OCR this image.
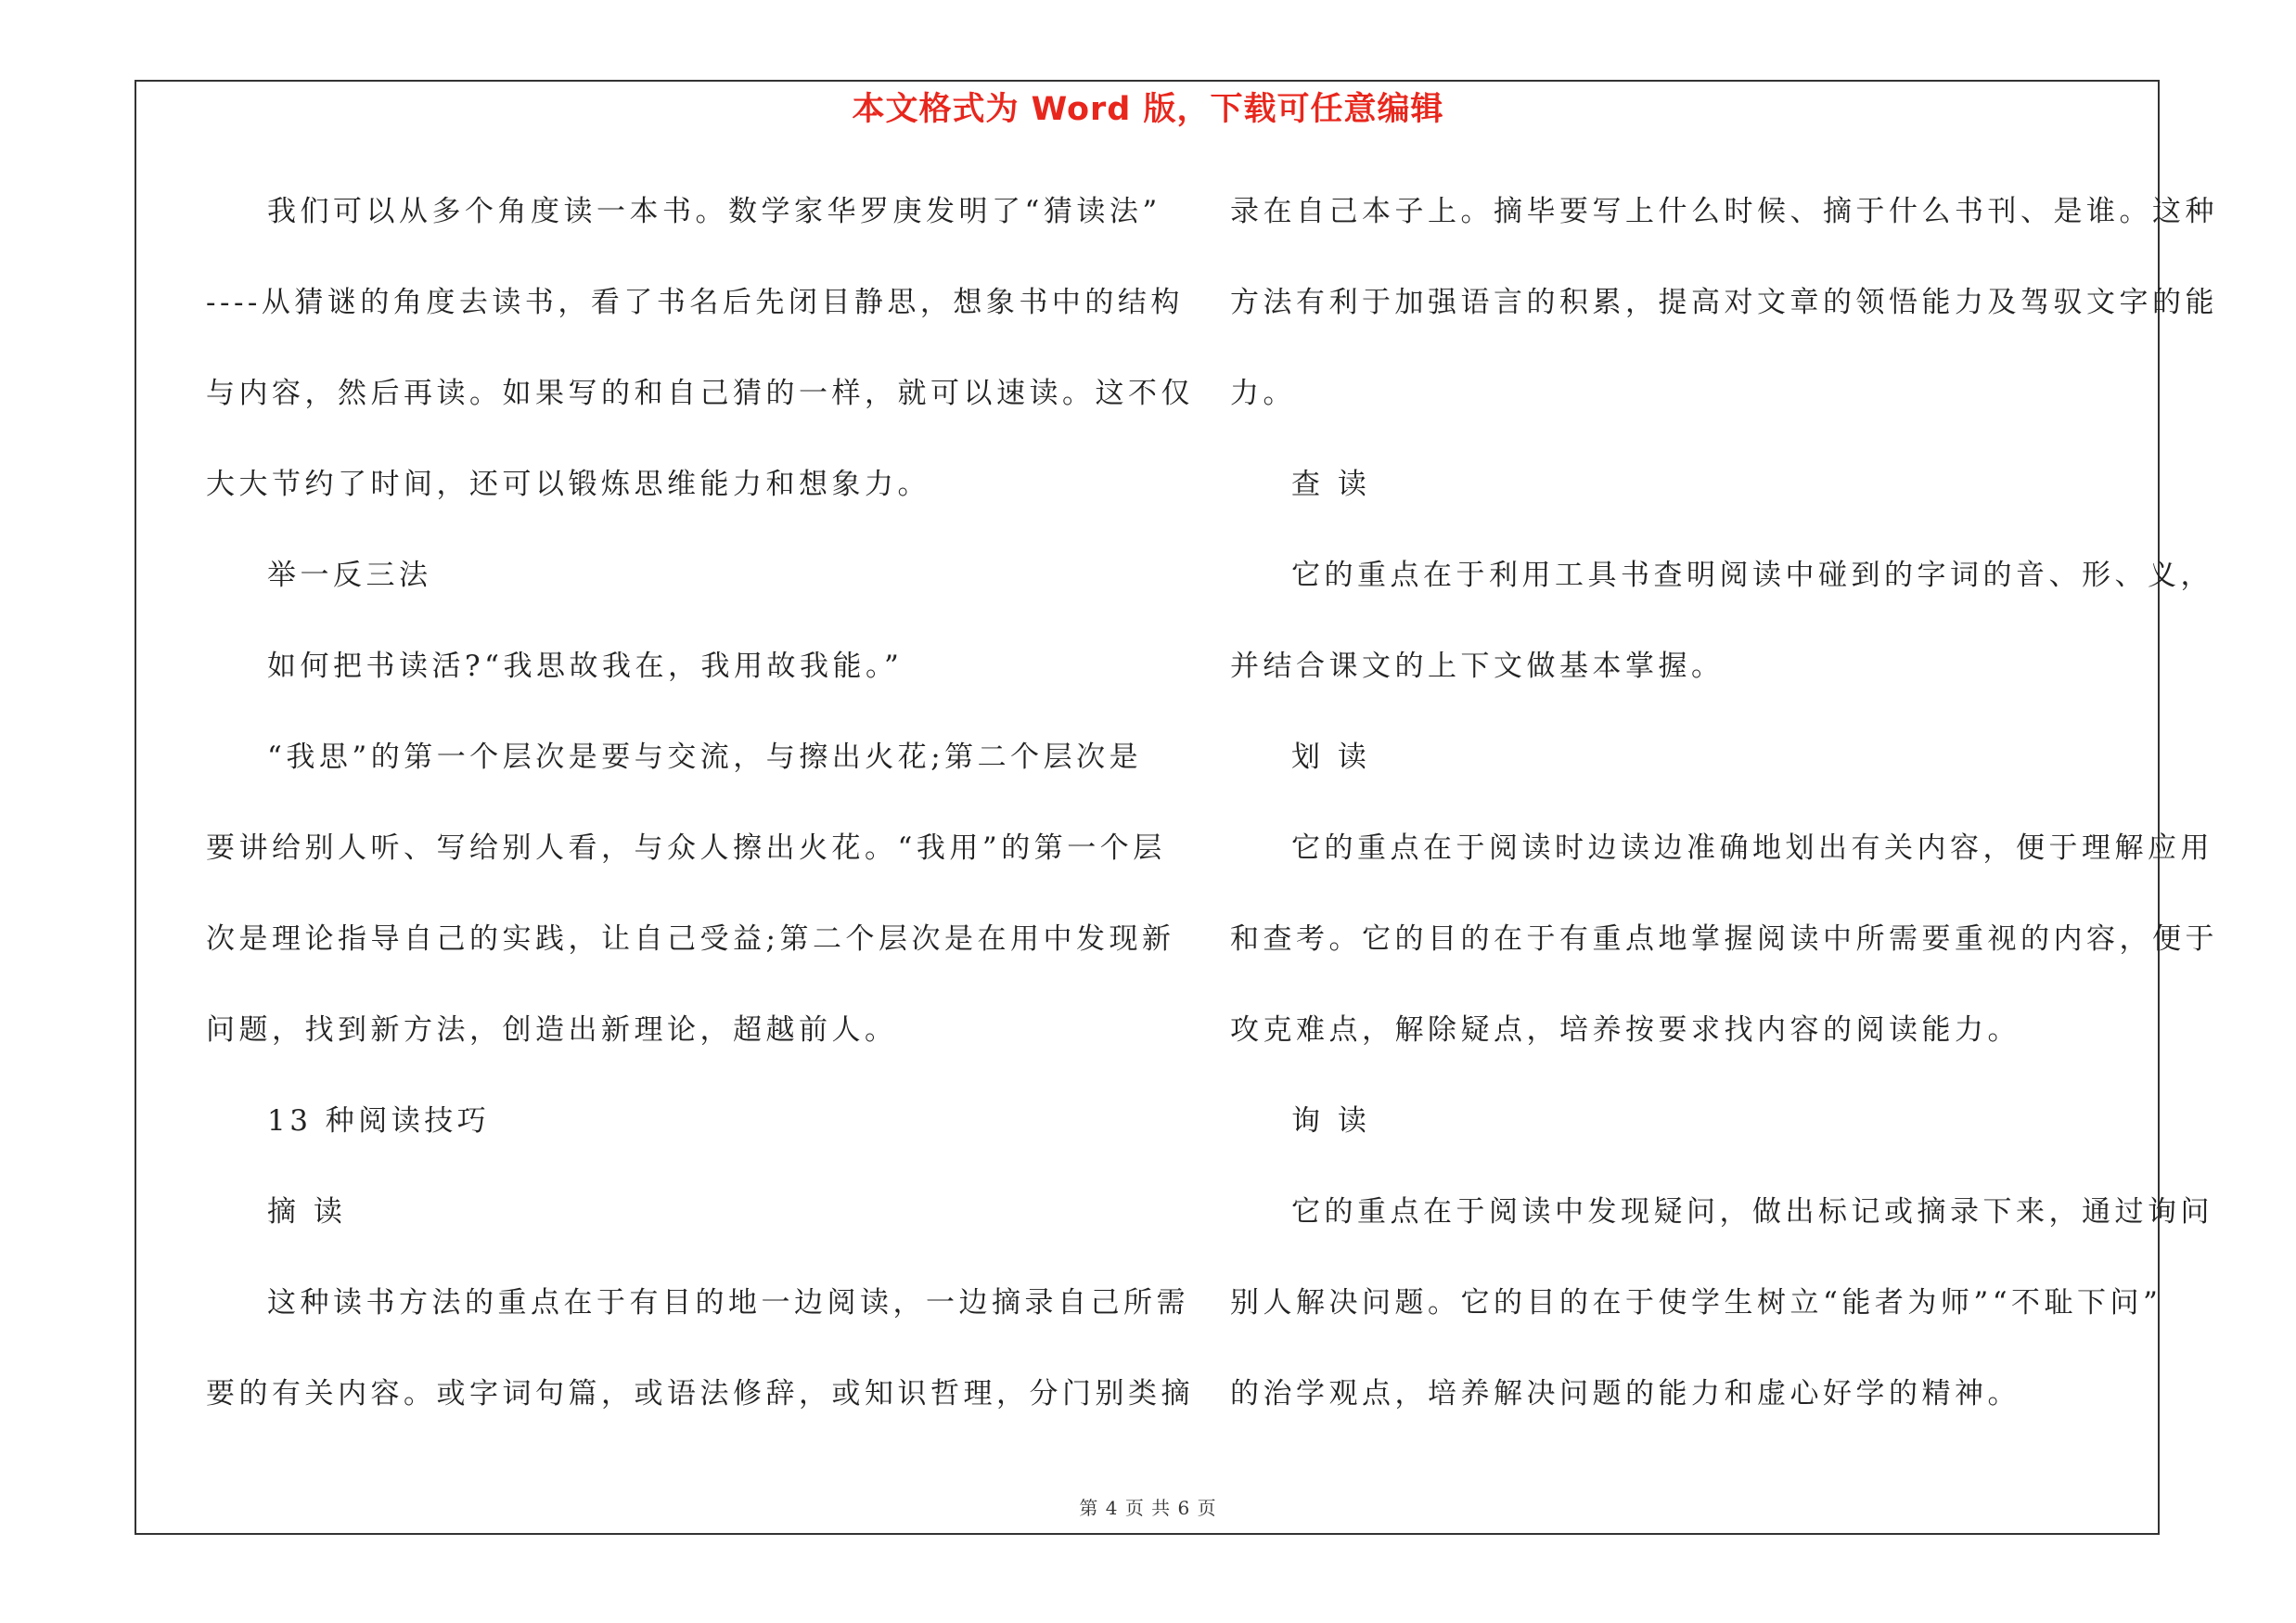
本文格式为 Word 版，下载可任意编辑
我们可以从多个角度读一本书。数学家华罗庚发明了“猜读法”
----从猜谜的角度去读书，看了书名后先闭目静思，想象书中的结构
与内容，然后再读。如果写的和自己猜的一样，就可以速读。这不仅
大大节约了时间，还可以锻炼思维能力和想象力。
举一反三法
如何把书读活?“我思故我在，我用故我能。”
“我思”的第一个层次是要与交流，与擦出火花;第二个层次是
要讲给别人听、写给别人看，与众人擦出火花。“我用”的第一个层
次是理论指导自己的实践，让自己受益;第二个层次是在用中发现新
问题，找到新方法，创造出新理论，超越前人。
13 种阅读技巧
摘 读
这种读书方法的重点在于有目的地一边阅读，一边摘录自己所需
要的有关内容。或字词句篇，或语法修辞，或知识哲理，分门别类摘
录在自己本子上。摘毕要写上什么时候、摘于什么书刊、是谁。这种
方法有利于加强语言的积累，提高对文章的领悟能力及驾驭文字的能
力。
查 读
它的重点在于利用工具书查明阅读中碰到的字词的音、形、义，
并结合课文的上下文做基本掌握。
划 读
它的重点在于阅读时边读边准确地划出有关内容，便于理解应用
和查考。它的目的在于有重点地掌握阅读中所需要重视的内容，便于
攻克难点，解除疑点，培养按要求找内容的阅读能力。
询 读
它的重点在于阅读中发现疑问，做出标记或摘录下来，通过询问
别人解决问题。它的目的在于使学生树立“能者为师”“不耻下问”
的治学观点，培养解决问题的能力和虚心好学的精神。
第 4 页 共 6 页
